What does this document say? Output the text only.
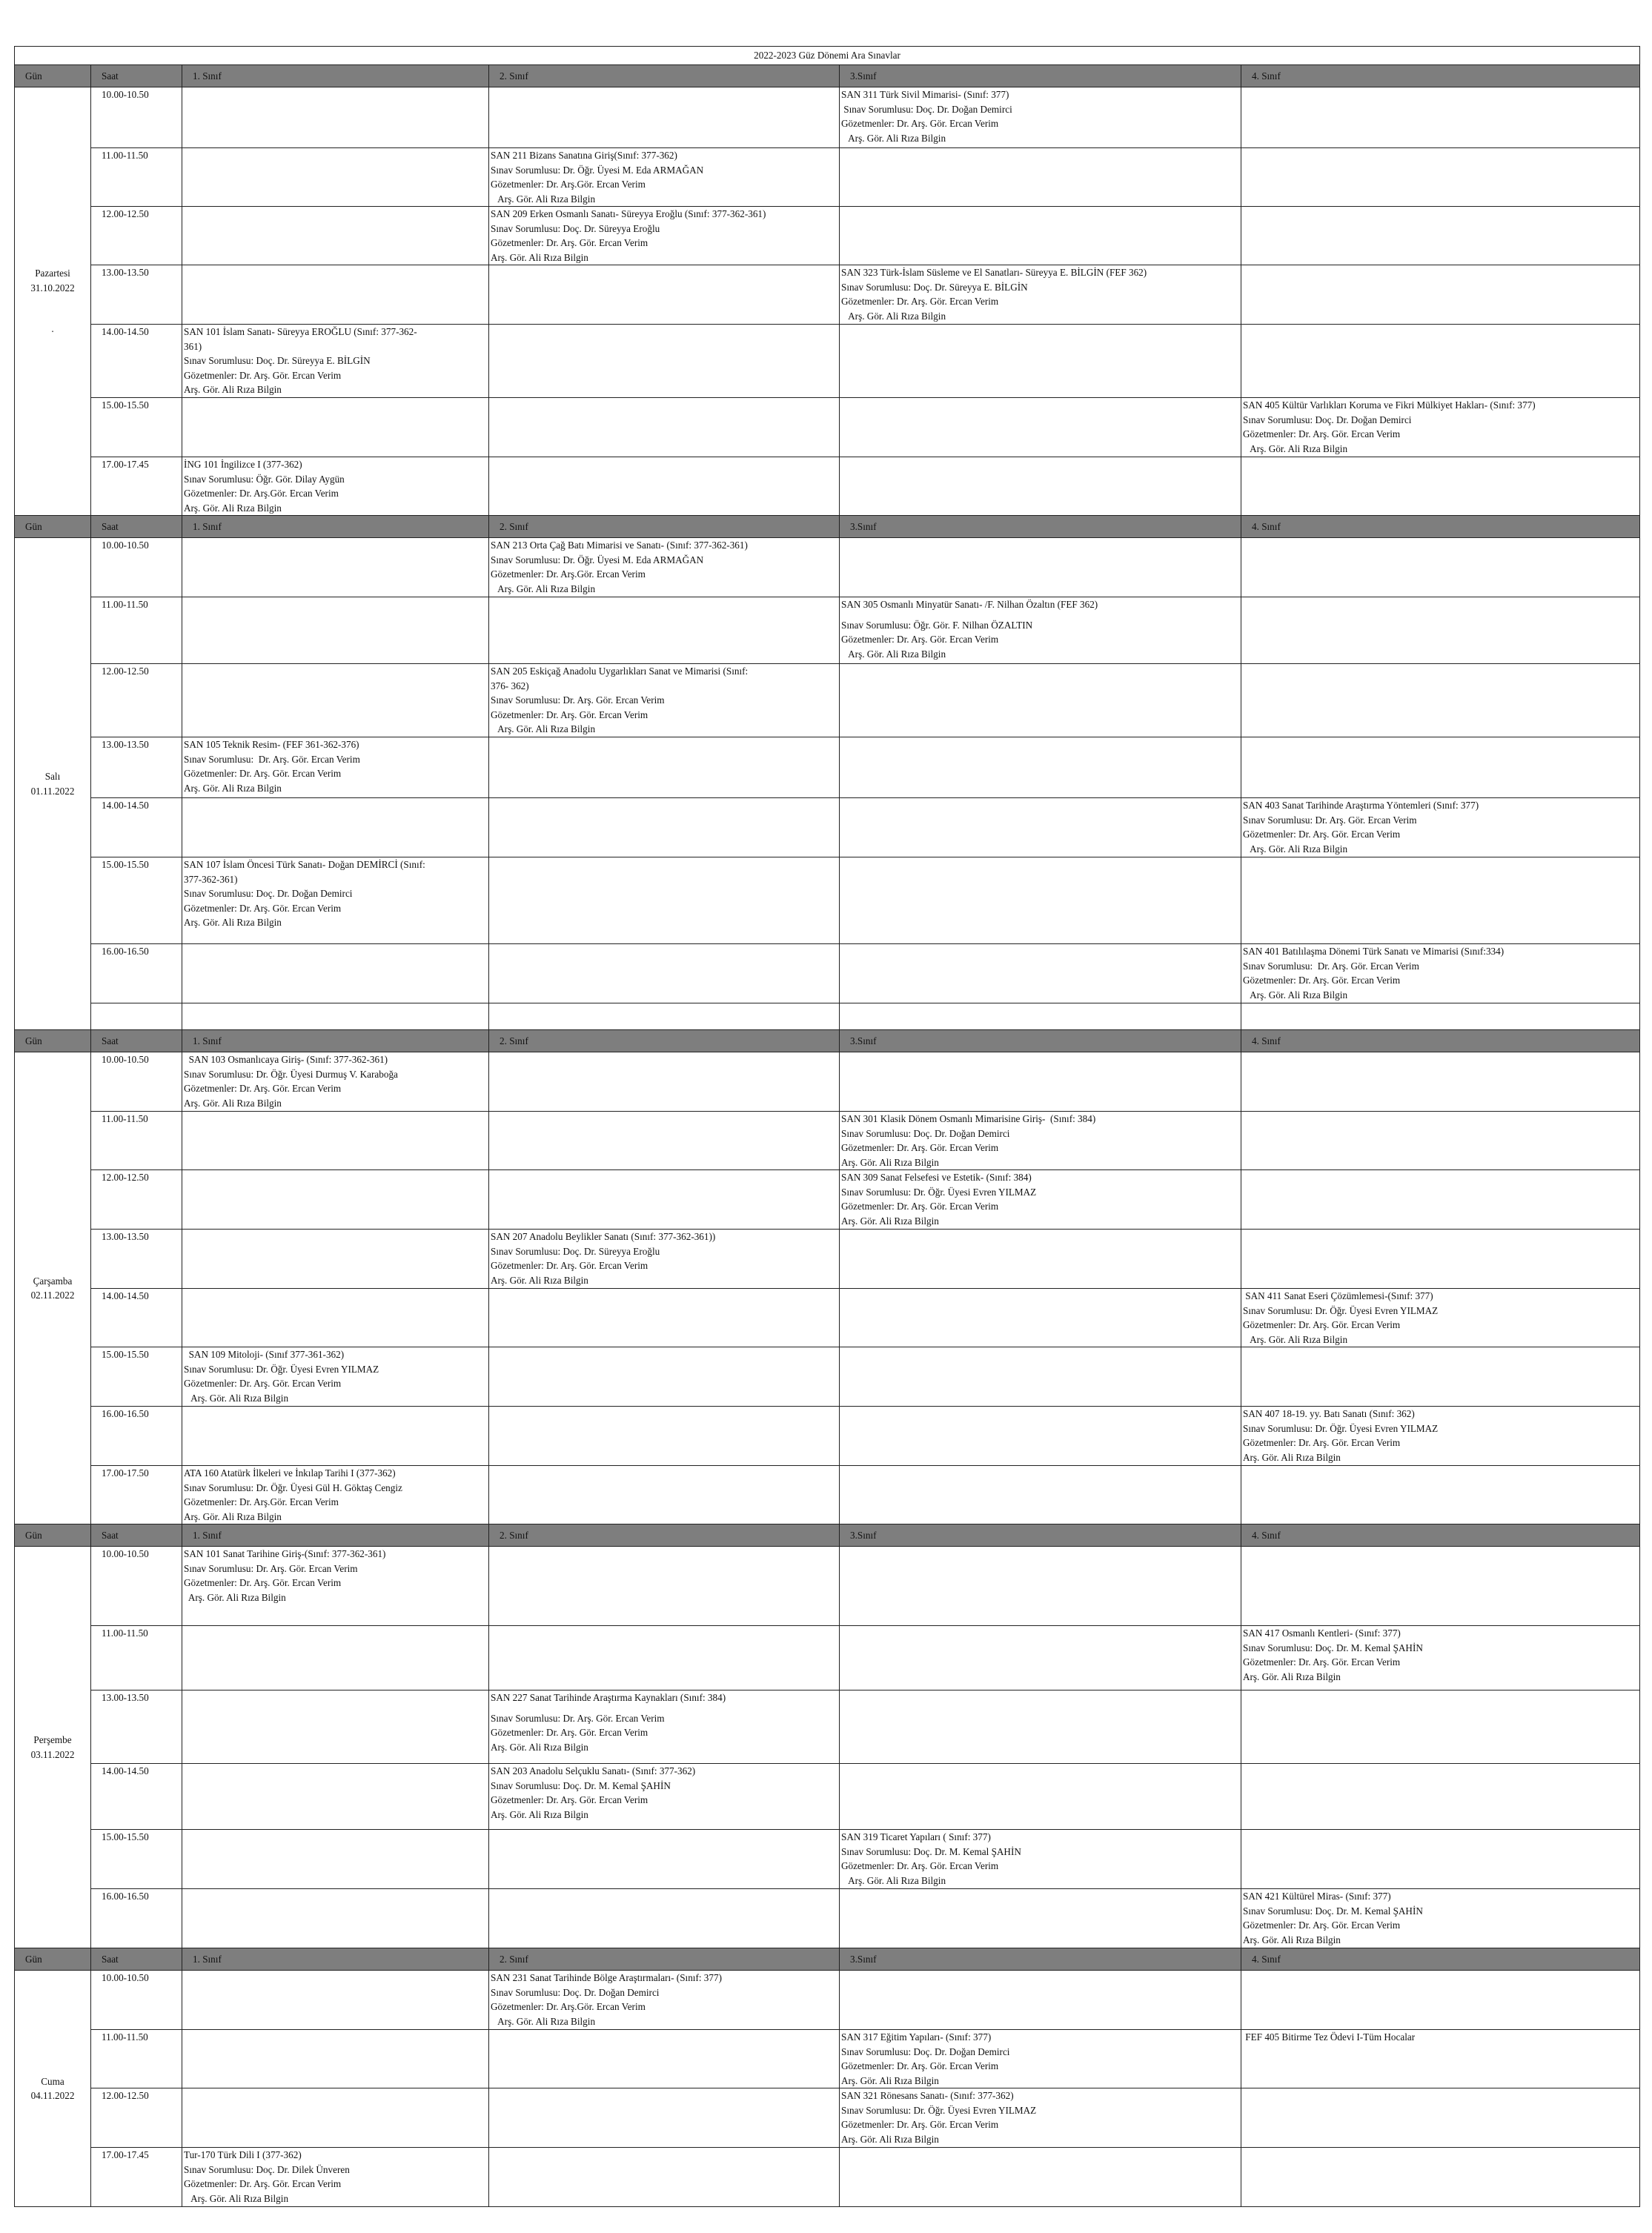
2022-2023 Güz Dönemi Ara Sınavlar					
Gün	Saat	1. Sınıf	2. Sınıf	3.Sınıf	4. Sınıf

Pazartesi
31.10.2022
.	10.00-10.50			SAN 311 Türk Sivil Mimarisi- (Sınıf: 377)
Sınav Sorumlusu: Doç. Dr. Doğan Demirci
Gözetmenler: Dr. Arş. Gör. Ercan Verim
Arş. Gör. Ali Rıza Bilgin	

	11.00-11.50		SAN 211 Bizans Sanatına Giriş(Sınıf: 377-362)
Sınav Sorumlusu: Dr. Öğr. Üyesi M. Eda ARMAĞAN
Gözetmenler: Dr. Arş.Gör. Ercan Verim
Arş. Gör. Ali Rıza Bilgin		

	12.00-12.50		SAN 209 Erken Osmanlı Sanatı- Süreyya Eroğlu (Sınıf: 377-362-361)
Sınav Sorumlusu: Doç. Dr. Süreyya Eroğlu
Gözetmenler: Dr. Arş. Gör. Ercan Verim
Arş. Gör. Ali Rıza Bilgin		

	13.00-13.50			SAN 323 Türk-İslam Süsleme ve El Sanatları- Süreyya E. BİLGİN (FEF 362)
Sınav Sorumlusu: Doç. Dr. Süreyya E. BİLGİN
Gözetmenler: Dr. Arş. Gör. Ercan Verim
Arş. Gör. Ali Rıza Bilgin	

	14.00-14.50	SAN 101 İslam Sanatı- Süreyya EROĞLU (Sınıf: 377-362-
361)
Sınav Sorumlusu: Doç. Dr. Süreyya E. BİLGİN
Gözetmenler: Dr. Arş. Gör. Ercan Verim
Arş. Gör. Ali Rıza Bilgin			

	15.00-15.50				SAN 405 Kültür Varlıkları Koruma ve Fikri Mülkiyet Hakları- (Sınıf: 377)
Sınav Sorumlusu: Doç. Dr. Doğan Demirci
Gözetmenler: Dr. Arş. Gör. Ercan Verim
Arş. Gör. Ali Rıza Bilgin

	17.00-17.45	İNG 101 İngilizce I (377-362)
Sınav Sorumlusu: Öğr. Gör. Dilay Aygün
Gözetmenler: Dr. Arş.Gör. Ercan Verim
Arş. Gör. Ali Rıza Bilgin			

Gün	Saat	1. Sınıf	2. Sınıf	3.Sınıf	4. Sınıf

Salı
01.11.2022	10.00-10.50		SAN 213 Orta Çağ Batı Mimarisi ve Sanatı- (Sınıf: 377-362-361)
Sınav Sorumlusu: Dr. Öğr. Üyesi M. Eda ARMAĞAN
Gözetmenler: Dr. Arş.Gör. Ercan Verim
Arş. Gör. Ali Rıza Bilgin		

	11.00-11.50			SAN 305 Osmanlı Minyatür Sanatı- /F. Nilhan Özaltın (FEF 362)
Sınav Sorumlusu: Öğr. Gör. F. Nilhan ÖZALTIN
Gözetmenler: Dr. Arş. Gör. Ercan Verim
Arş. Gör. Ali Rıza Bilgin	

	12.00-12.50		SAN 205 Eskiçağ Anadolu Uygarlıkları Sanat ve Mimarisi (Sınıf:
376- 362)
Sınav Sorumlusu: Dr. Arş. Gör. Ercan Verim
Gözetmenler: Dr. Arş. Gör. Ercan Verim
Arş. Gör. Ali Rıza Bilgin		

	13.00-13.50	SAN 105 Teknik Resim- (FEF 361-362-376)
Sınav Sorumlusu:  Dr. Arş. Gör. Ercan Verim
Gözetmenler: Dr. Arş. Gör. Ercan Verim
Arş. Gör. Ali Rıza Bilgin			

	14.00-14.50				SAN 403 Sanat Tarihinde Araştırma Yöntemleri (Sınıf: 377)
Sınav Sorumlusu: Dr. Arş. Gör. Ercan Verim
Gözetmenler: Dr. Arş. Gör. Ercan Verim
Arş. Gör. Ali Rıza Bilgin

	15.00-15.50	SAN 107 İslam Öncesi Türk Sanatı- Doğan DEMİRCİ (Sınıf:
377-362-361)
Sınav Sorumlusu: Doç. Dr. Doğan Demirci
Gözetmenler: Dr. Arş. Gör. Ercan Verim
Arş. Gör. Ali Rıza Bilgin			

	16.00-16.50				SAN 401 Batılılaşma Dönemi Türk Sanatı ve Mimarisi (Sınıf:334)
Sınav Sorumlusu:  Dr. Arş. Gör. Ercan Verim
Gözetmenler: Dr. Arş. Gör. Ercan Verim
Arş. Gör. Ali Rıza Bilgin

Gün	Saat	1. Sınıf	2. Sınıf	3.Sınıf	4. Sınıf

Çarşamba
02.11.2022	10.00-10.50	SAN 103 Osmanlıcaya Giriş- (Sınıf: 377-362-361)
Sınav Sorumlusu: Dr. Öğr. Üyesi Durmuş V. Karaboğa
Gözetmenler: Dr. Arş. Gör. Ercan Verim
Arş. Gör. Ali Rıza Bilgin			

	11.00-11.50			SAN 301 Klasik Dönem Osmanlı Mimarisine Giriş-  (Sınıf: 384)
Sınav Sorumlusu: Doç. Dr. Doğan Demirci
Gözetmenler: Dr. Arş. Gör. Ercan Verim
Arş. Gör. Ali Rıza Bilgin	

	12.00-12.50			SAN 309 Sanat Felsefesi ve Estetik- (Sınıf: 384)
Sınav Sorumlusu: Dr. Öğr. Üyesi Evren YILMAZ
Gözetmenler: Dr. Arş. Gör. Ercan Verim
Arş. Gör. Ali Rıza Bilgin	

	13.00-13.50		SAN 207 Anadolu Beylikler Sanatı (Sınıf: 377-362-361))
Sınav Sorumlusu: Doç. Dr. Süreyya Eroğlu
Gözetmenler: Dr. Arş. Gör. Ercan Verim
Arş. Gör. Ali Rıza Bilgin		

	14.00-14.50				SAN 411 Sanat Eseri Çözümlemesi-(Sınıf: 377)
Sınav Sorumlusu: Dr. Öğr. Üyesi Evren YILMAZ
Gözetmenler: Dr. Arş. Gör. Ercan Verim
Arş. Gör. Ali Rıza Bilgin

	15.00-15.50	SAN 109 Mitoloji- (Sınıf 377-361-362)
Sınav Sorumlusu: Dr. Öğr. Üyesi Evren YILMAZ
Gözetmenler: Dr. Arş. Gör. Ercan Verim
Arş. Gör. Ali Rıza Bilgin			

	16.00-16.50				SAN 407 18-19. yy. Batı Sanatı (Sınıf: 362)
Sınav Sorumlusu: Dr. Öğr. Üyesi Evren YILMAZ
Gözetmenler: Dr. Arş. Gör. Ercan Verim
Arş. Gör. Ali Rıza Bilgin

	17.00-17.50	ATA 160 Atatürk İlkeleri ve İnkılap Tarihi I (377-362)
Sınav Sorumlusu: Dr. Öğr. Üyesi Gül H. Göktaş Cengiz
Gözetmenler: Dr. Arş.Gör. Ercan Verim
Arş. Gör. Ali Rıza Bilgin			

Gün	Saat	1. Sınıf	2. Sınıf	3.Sınıf	4. Sınıf

Perşembe
03.11.2022	10.00-10.50	SAN 101 Sanat Tarihine Giriş-(Sınıf: 377-362-361)
Sınav Sorumlusu: Dr. Arş. Gör. Ercan Verim
Gözetmenler: Dr. Arş. Gör. Ercan Verim
Arş. Gör. Ali Rıza Bilgin			

	11.00-11.50				SAN 417 Osmanlı Kentleri- (Sınıf: 377)
Sınav Sorumlusu: Doç. Dr. M. Kemal ŞAHİN
Gözetmenler: Dr. Arş. Gör. Ercan Verim
Arş. Gör. Ali Rıza Bilgin

	13.00-13.50		SAN 227 Sanat Tarihinde Araştırma Kaynakları (Sınıf: 384)
Sınav Sorumlusu: Dr. Arş. Gör. Ercan Verim
Gözetmenler: Dr. Arş. Gör. Ercan Verim
Arş. Gör. Ali Rıza Bilgin		

	14.00-14.50		SAN 203 Anadolu Selçuklu Sanatı- (Sınıf: 377-362)
Sınav Sorumlusu: Doç. Dr. M. Kemal ŞAHİN
Gözetmenler: Dr. Arş. Gör. Ercan Verim
Arş. Gör. Ali Rıza Bilgin		

	15.00-15.50			SAN 319 Ticaret Yapıları ( Sınıf: 377)
Sınav Sorumlusu: Doç. Dr. M. Kemal ŞAHİN
Gözetmenler: Dr. Arş. Gör. Ercan Verim
Arş. Gör. Ali Rıza Bilgin	

	16.00-16.50				SAN 421 Kültürel Miras- (Sınıf: 377)
Sınav Sorumlusu: Doç. Dr. M. Kemal ŞAHİN
Gözetmenler: Dr. Arş. Gör. Ercan Verim
Arş. Gör. Ali Rıza Bilgin

Gün	Saat	1. Sınıf	2. Sınıf	3.Sınıf	4. Sınıf

Cuma
04.11.2022	10.00-10.50		SAN 231 Sanat Tarihinde Bölge Araştırmaları- (Sınıf: 377)
Sınav Sorumlusu: Doç. Dr. Doğan Demirci
Gözetmenler: Dr. Arş.Gör. Ercan Verim
Arş. Gör. Ali Rıza Bilgin		

	11.00-11.50			SAN 317 Eğitim Yapıları- (Sınıf: 377)
Sınav Sorumlusu: Doç. Dr. Doğan Demirci
Gözetmenler: Dr. Arş. Gör. Ercan Verim
Arş. Gör. Ali Rıza Bilgin	FEF 405 Bitirme Tez Ödevi I-Tüm Hocalar

	12.00-12.50			SAN 321 Rönesans Sanatı- (Sınıf: 377-362)
Sınav Sorumlusu: Dr. Öğr. Üyesi Evren YILMAZ
Gözetmenler: Dr. Arş. Gör. Ercan Verim
Arş. Gör. Ali Rıza Bilgin	

	17.00-17.45	Tur-170 Türk Dili I (377-362)
Sınav Sorumlusu: Doç. Dr. Dilek Ünveren
Gözetmenler: Dr. Arş. Gör. Ercan Verim
Arş. Gör. Ali Rıza Bilgin			
